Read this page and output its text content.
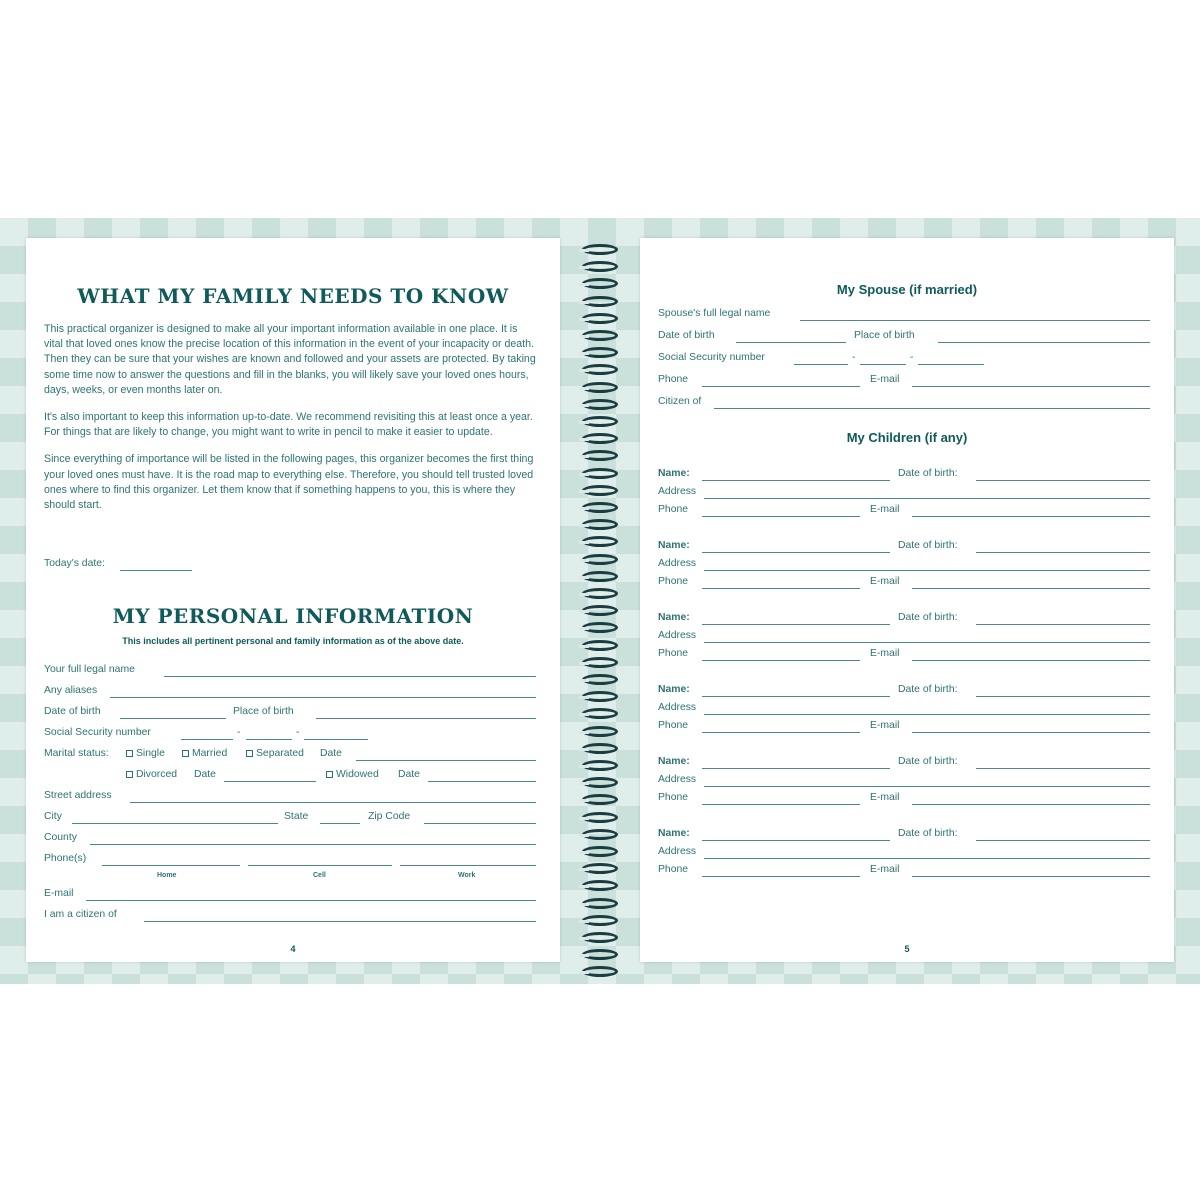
WHAT MY FAMILY NEEDS TO KNOW

This practical organizer is designed to make all your important information available in one place. It is vital that loved ones know the precise location of this information in the event of your incapacity or death. Then they can be sure that your wishes are known and followed and your assets are protected. By taking some time now to answer the questions and fill in the blanks, you will likely save your loved ones hours, days, weeks, or even months later on.

It's also important to keep this information up-to-date. We recommend revisiting this at least once a year. For things that are likely to change, you might want to write in pencil to make it easier to update.

Since everything of importance will be listed in the following pages, this organizer becomes the first thing your loved ones must have. It is the road map to everything else. Therefore, you should tell trusted loved ones where to find this organizer. Let them know that if something happens to you, this is where they should start.

Today's date:
MY PERSONAL INFORMATION
This includes all pertinent personal and family information as of the above date.
Your full legal name
Any aliases
Date of birth	Place of birth
Social Security number	-	-
Marital status:	Single	Married	Separated Date
Divorced Date	Widowed Date
Street address
City	State	Zip Code
County
Phone(s)
Home	Cell	Work
E-mail
I am a citizen of
4
My Spouse (if married)
Spouse's full legal name
Date of birth	Place of birth
Social Security number	-	-
Phone	E-mail
Citizen of
My Children (if any)
Name:	Date of birth:
Address
Phone	E-mail
Name:	Date of birth:
Address
Phone	E-mail
Name:	Date of birth:
Address
Phone	E-mail
Name:	Date of birth:
Address
Phone	E-mail
Name:	Date of birth:
Address
Phone	E-mail
Name:	Date of birth:
Address
Phone	E-mail
5
